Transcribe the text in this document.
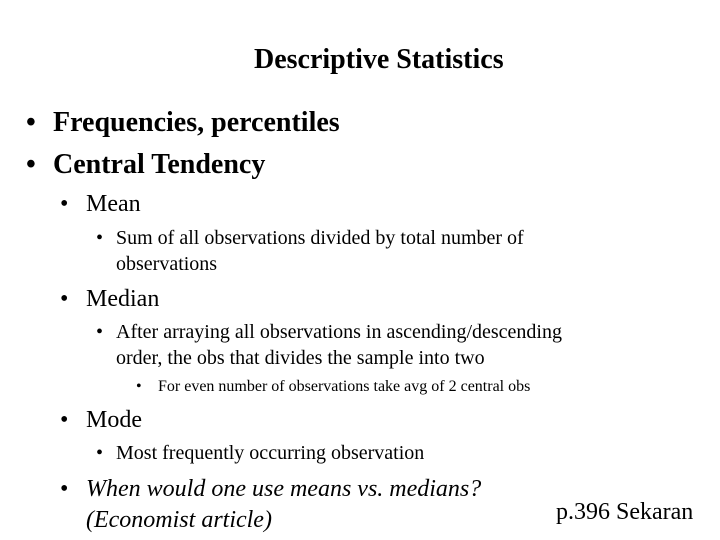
Descriptive Statistics
• Frequencies, percentiles
• Central Tendency
• Mean
• Sum of all observations divided by total number of
observations
• Median
• After arraying all observations in ascending/descending
order, the obs that divides the sample into two
• For even number of observations take avg of 2 central obs
• Mode
• Most frequently occurring observation
• When would one use means vs. medians?
(Economist article)	p.396 Sekaran
